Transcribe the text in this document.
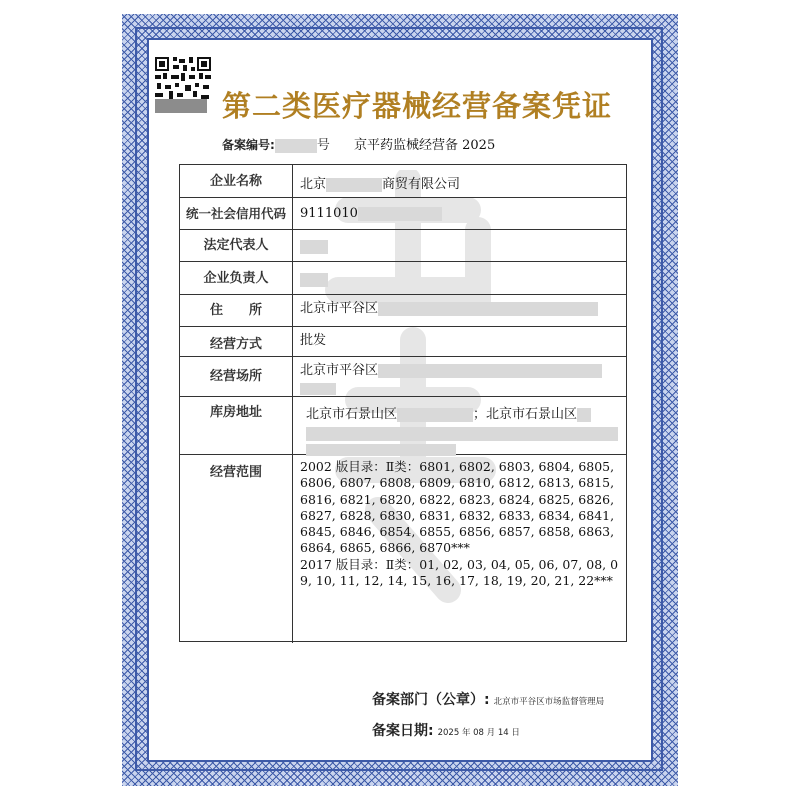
第二类医疗器械经营备案凭证
备案编号:	号
企业名称	北京	商贸有限公司
统一社会信用代码	9111010
法定代表人
企业负责人
住　　所	北京市平谷区
经营方式	批发
经营场所	北京市平谷区
库房地址	北京市石景山区	；北京市石景山区
经营范围	2002 版目录：Ⅱ类：6801, 6802, 6803, 6804, 6805, 6806, 6807, 6808, 6809, 6810, 6812, 6813, 6815, 6816, 6821, 6820, 6822, 6823, 6824, 6825, 6826, 6827, 6828, 6830, 6831, 6832, 6833, 6834, 6841, 6845, 6846, 6854, 6855, 6856, 6857, 6858, 6863, 6864, 6865, 6866, 6870***
2017 版目录：Ⅱ类：01, 02, 03, 04, 05, 06, 07, 08, 09, 10, 11, 12, 14, 15, 16, 17, 18, 19, 20, 21, 22***
备案部门（公章）: 北京市平谷区市场监督管理局
备案日期: 2025 年 08 月 14 日
